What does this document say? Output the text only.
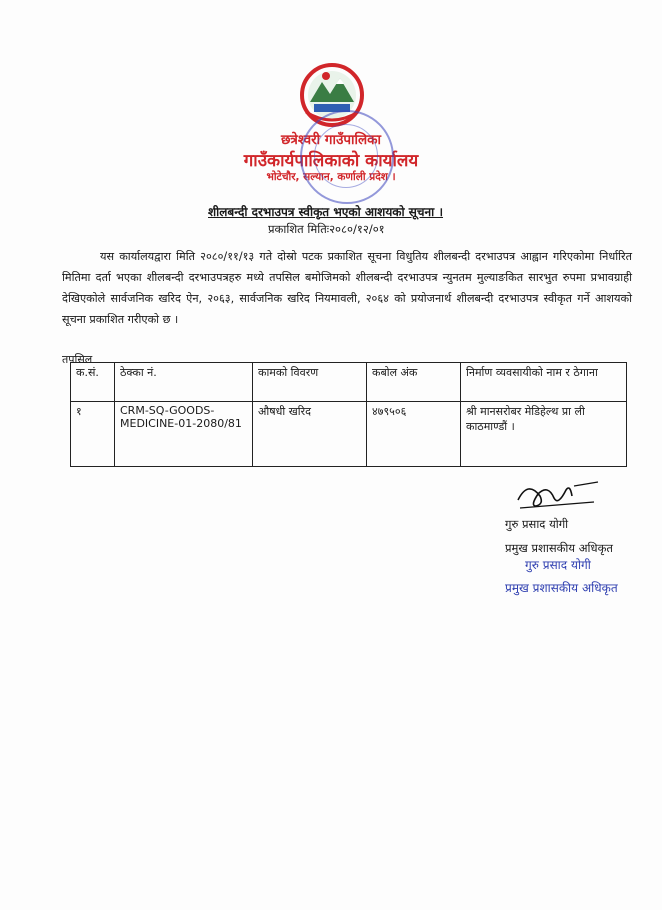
छत्रेश्वरी गाउँपालिका
गाउँकार्यपालिकाको कार्यालय
भोटेचौर, सल्यान, कर्णाली प्रदेश ।
शीलबन्दी दरभाउपत्र स्वीकृत भएको आशयको सूचना ।
प्रकाशित मितिः२०८०/१२/०१
यस कार्यालयद्वारा मिति २०८०/११/१३ गते दोस्रो पटक प्रकाशित सूचना विधुतिय शीलबन्दी दरभाउपत्र आह्वान गरिएकोमा निर्धारित मितिमा दर्ता भएका शीलबन्दी दरभाउपत्रहरु मध्ये तपसिल बमोजिमको शीलबन्दी दरभाउपत्र न्युनतम मुल्याङकित सारभुत रुपमा प्रभावग्राही देखिएकोले सार्वजनिक खरिद ऐन, २०६३, सार्वजनिक खरिद नियमावली, २०६४ को प्रयोजनार्थ शीलबन्दी दरभाउपत्र स्वीकृत गर्ने आशयको सूचना प्रकाशित गरीएको छ ।
तपसिल
क.सं.	ठेक्का नं.	कामको विवरण	कबोल अंक	निर्माण व्यवसायीको नाम र ठेगाना
१	CRM-SQ-GOODS-MEDICINE-01-2080/81	औषधी खरिद	४७९५०६	श्री मानसरोबर मेडिहेल्थ प्रा ली काठमाण्डौं ।
गुरु प्रसाद योगी
प्रमुख प्रशासकीय अधिकृत
गुरु प्रसाद योगी
प्रमुख प्रशासकीय अधिकृत
